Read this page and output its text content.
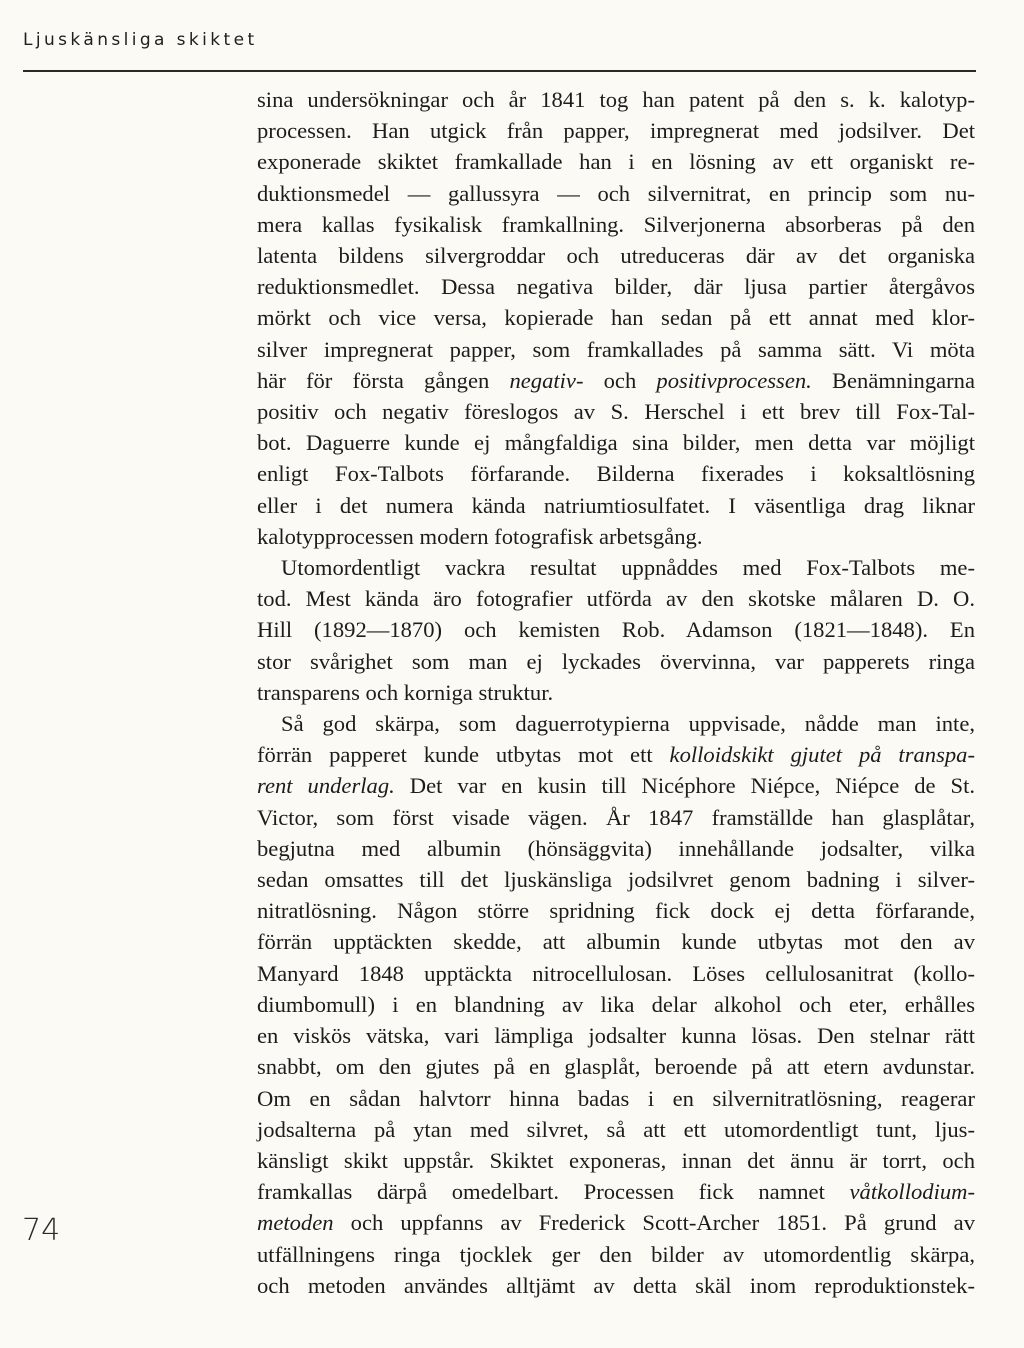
Ljuskänsliga skiktet
74
sina undersökningar och år 1841 tog han patent på den s. k. kalotyp-
processen. Han utgick från papper, impregnerat med jodsilver. Det
exponerade skiktet framkallade han i en lösning av ett organiskt re-
duktionsmedel — gallussyra — och silvernitrat, en princip som nu-
mera kallas fysikalisk framkallning. Silverjonerna absorberas på den
latenta bildens silvergroddar och utreduceras där av det organiska
reduktionsmedlet. Dessa negativa bilder, där ljusa partier återgåvos
mörkt och vice versa, kopierade han sedan på ett annat med klor-
silver impregnerat papper, som framkallades på samma sätt. Vi möta
här för första gången negativ- och positivprocessen. Benämningarna
positiv och negativ föreslogos av S. Herschel i ett brev till Fox-Tal-
bot. Daguerre kunde ej mångfaldiga sina bilder, men detta var möjligt
enligt Fox-Talbots förfarande. Bilderna fixerades i koksaltlösning
eller i det numera kända natriumtiosulfatet. I väsentliga drag liknar
kalotypprocessen modern fotografisk arbetsgång.
Utomordentligt vackra resultat uppnåddes med Fox-Talbots me-
tod. Mest kända äro fotografier utförda av den skotske målaren D. O.
Hill (1892—1870) och kemisten Rob. Adamson (1821—1848). En
stor svårighet som man ej lyckades övervinna, var papperets ringa
transparens och korniga struktur.
Så god skärpa, som daguerrotypierna uppvisade, nådde man inte,
förrän papperet kunde utbytas mot ett kolloidskikt gjutet på transpa-
rent underlag. Det var en kusin till Nicéphore Niépce, Niépce de St.
Victor, som först visade vägen. År 1847 framställde han glasplåtar,
begjutna med albumin (hönsäggvita) innehållande jodsalter, vilka
sedan omsattes till det ljuskänsliga jodsilvret genom badning i silver-
nitratlösning. Någon större spridning fick dock ej detta förfarande,
förrän upptäckten skedde, att albumin kunde utbytas mot den av
Manyard 1848 upptäckta nitrocellulosan. Löses cellulosanitrat (kollo-
diumbomull) i en blandning av lika delar alkohol och eter, erhålles
en viskös vätska, vari lämpliga jodsalter kunna lösas. Den stelnar rätt
snabbt, om den gjutes på en glasplåt, beroende på att etern avdunstar.
Om en sådan halvtorr hinna badas i en silvernitratlösning, reagerar
jodsalterna på ytan med silvret, så att ett utomordentligt tunt, ljus-
känsligt skikt uppstår. Skiktet exponeras, innan det ännu är torrt, och
framkallas därpå omedelbart. Processen fick namnet våtkollodium-
metoden och uppfanns av Frederick Scott-Archer 1851. På grund av
utfällningens ringa tjocklek ger den bilder av utomordentlig skärpa,
och metoden användes alltjämt av detta skäl inom reproduktionstek-
